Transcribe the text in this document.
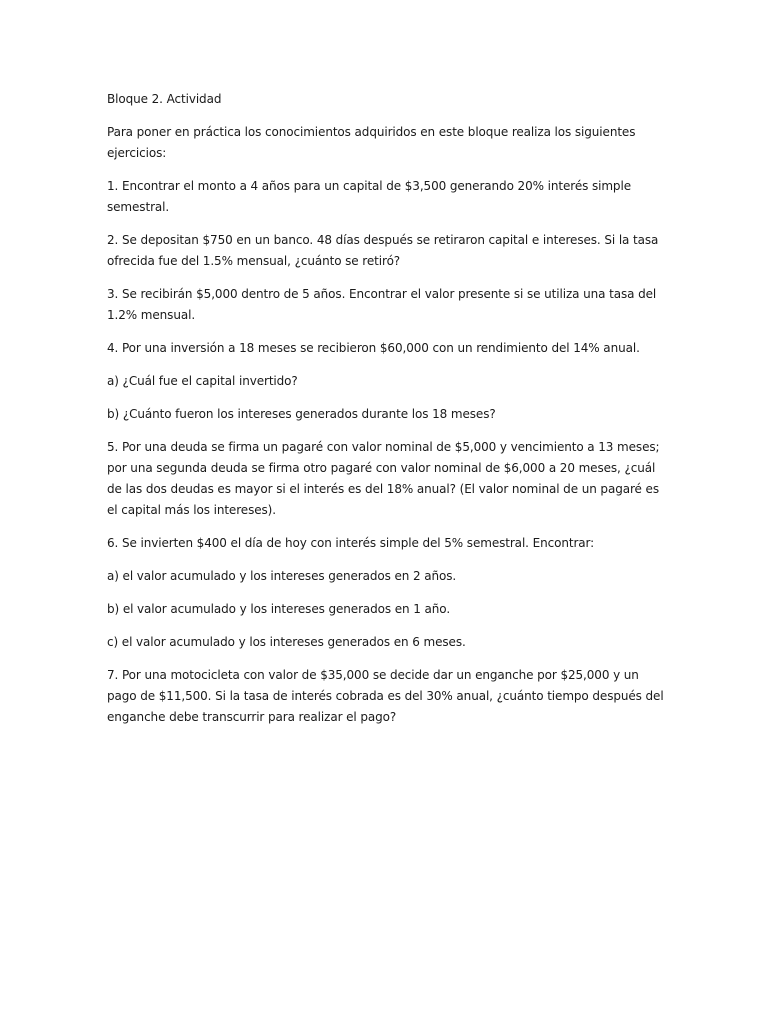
Bloque 2. Actividad

Para poner en práctica los conocimientos adquiridos en este bloque realiza los siguientes ejercicios:

1. Encontrar el monto a 4 años para un capital de $3,500 generando 20% interés simple semestral.

2. Se depositan $750 en un banco. 48 días después se retiraron capital e intereses. Si la tasa ofrecida fue del 1.5% mensual, ¿cuánto se retiró?

3. Se recibirán $5,000 dentro de 5 años. Encontrar el valor presente si se utiliza una tasa del 1.2% mensual.

4. Por una inversión a 18 meses se recibieron $60,000 con un rendimiento del 14% anual.

a) ¿Cuál fue el capital invertido?

b) ¿Cuánto fueron los intereses generados durante los 18 meses?

5. Por una deuda se firma un pagaré con valor nominal de $5,000 y vencimiento a 13 meses; por una segunda deuda se firma otro pagaré con valor nominal de $6,000 a 20 meses, ¿cuál de las dos deudas es mayor si el interés es del 18% anual? (El valor nominal de un pagaré es el capital más los intereses).

6. Se invierten $400 el día de hoy con interés simple del 5% semestral. Encontrar:

a) el valor acumulado y los intereses generados en 2 años.

b) el valor acumulado y los intereses generados en 1 año.

c) el valor acumulado y los intereses generados en 6 meses.

7. Por una motocicleta con valor de $35,000 se decide dar un enganche por $25,000 y un pago de $11,500. Si la tasa de interés cobrada es del 30% anual, ¿cuánto tiempo después del enganche debe transcurrir para realizar el pago?
